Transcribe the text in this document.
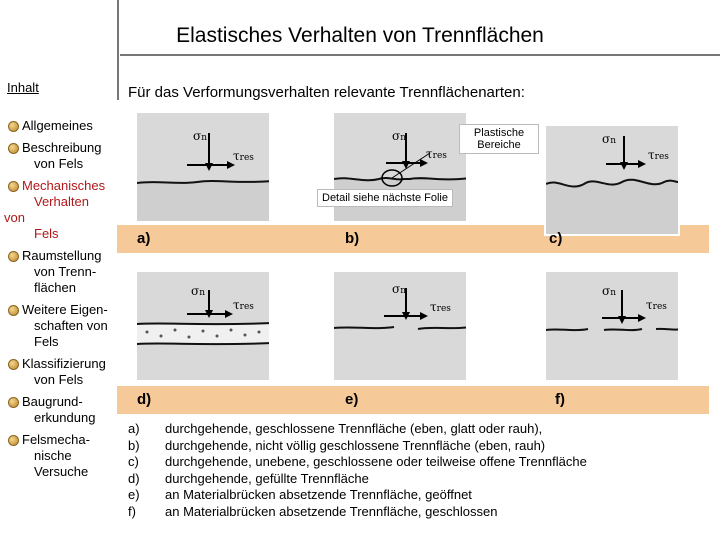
Elastisches Verhalten von Trennflächen
Inhalt	Für das Verformungsverhalten relevante Trennflächenarten:
Allgemeines
Beschreibung
von Fels
Mechanisches
Verhalten
von
Fels
Raumstellung
von Trenn-
flächen
Weitere Eigen-
schaften von
Fels
Klassifizierung
von Fels
Baugrund-
erkundung
Felsmecha-
nische
Versuche
σn
τres
σn
τres
Plastische Bereiche
Detail siehe nächste Folie
σn
τres
σn
τres
σn
τres
σn
τres
a)	b)	c)
d)	e)	f)
a)	durchgehende, geschlossene Trennfläche (eben, glatt oder rauh),
b)	durchgehende, nicht völlig geschlossene Trennfläche (eben, rauh)
c)	durchgehende, unebene, geschlossene oder teilweise offene Trennfläche
d)	durchgehende, gefüllte Trennfläche
e)	an Materialbrücken absetzende Trennfläche, geöffnet
f)	an Materialbrücken absetzende Trennfläche, geschlossen
